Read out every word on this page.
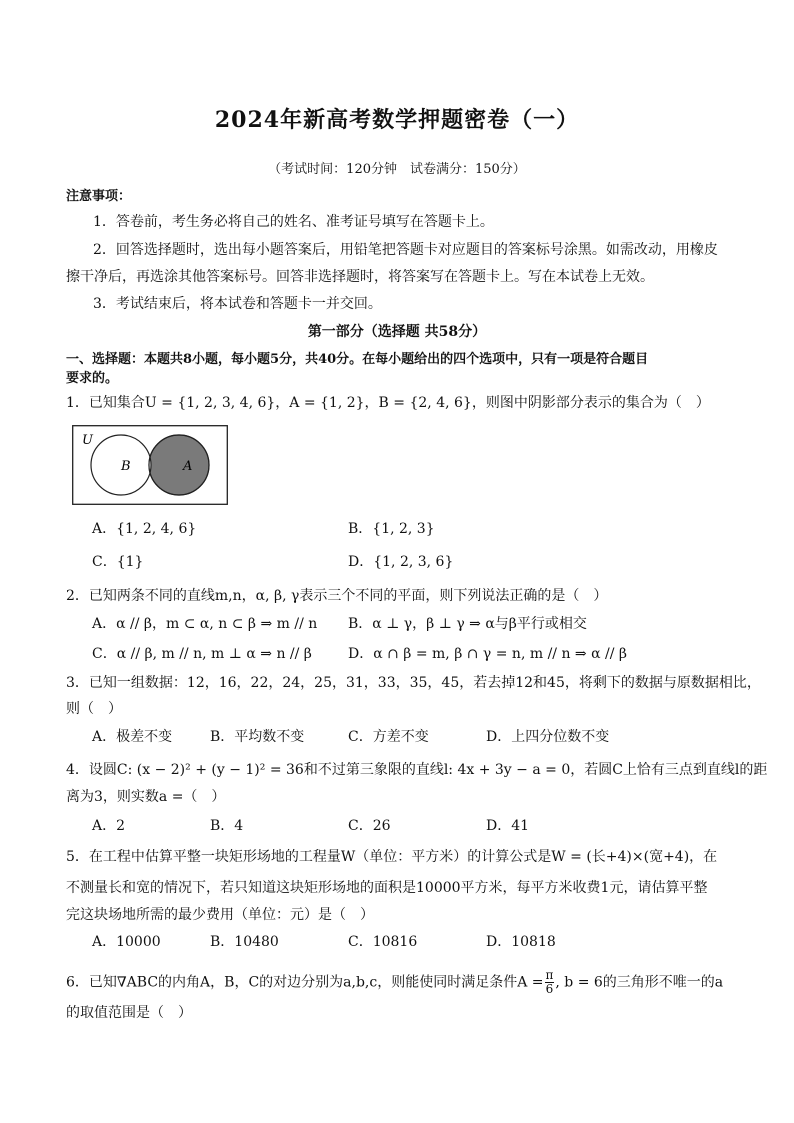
2024年新高考数学押题密卷（一）
（考试时间：120分钟　试卷满分：150分）
注意事项：
1．答卷前，考生务必将自己的姓名、准考证号填写在答题卡上。
2．回答选择题时，选出每小题答案后，用铅笔把答题卡对应题目的答案标号涂黑。如需改动，用橡皮
擦干净后，再选涂其他答案标号。回答非选择题时，将答案写在答题卡上。写在本试卷上无效。
3．考试结束后，将本试卷和答题卡一并交回。
第一部分（选择题 共58分）
一、选择题：本题共8小题，每小题5分，共40分。在每小题给出的四个选项中，只有一项是符合题目
要求的。
1．已知集合U = {1, 2, 3, 4, 6}，A = {1, 2}，B = {2, 4, 6}，则图中阴影部分表示的集合为（　）
U
B	A
A．{1, 2, 4, 6}	B．{1, 2, 3}
C．{1}	D．{1, 2, 3, 6}
2．已知两条不同的直线m,n，α, β, γ表示三个不同的平面，则下列说法正确的是（　）
A．α // β，m ⊂ α, n ⊂ β ⇒ m // n B．α ⊥ γ，β ⊥ γ ⇒ α与β平行或相交
C．α // β, m // n, m ⊥ α ⇒ n // β	D．α ∩ β = m, β ∩ γ = n, m // n ⇒ α // β
3．已知一组数据：12，16，22，24，25，31，33，35，45，若去掉12和45，将剩下的数据与原数据相比，
则（　）
A．极差不变	B．平均数不变	C．方差不变	D．上四分位数不变
4．设圆C: (x − 2)² + (y − 1)² = 36和不过第三象限的直线l: 4x + 3y − a = 0，若圆C上恰有三点到直线l的距
离为3，则实数a =（　）
A．2	B．4	C．26	D．41
5．在工程中估算平整一块矩形场地的工程量W（单位：平方米）的计算公式是W = (长+4)×(宽+4)，在
不测量长和宽的情况下，若只知道这块矩形场地的面积是10000平方米，每平方米收费1元，请估算平整
完这块场地所需的最少费用（单位：元）是（　）
A．10000	B．10480	C．10816	D．10818
6．已知∇ABC的内角A，B，C的对边分别为a,b,c，则能使同时满足条件$A = \frac{\pi}{6}$ , b = 6的三角形不唯一的a
的取值范围是（　）
